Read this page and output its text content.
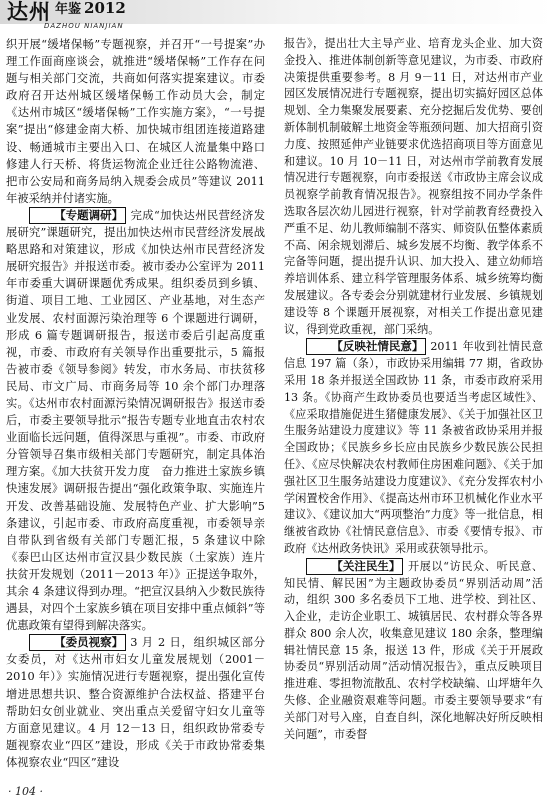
达州 年鉴 2012
DAZHOU NIANJIAN

织开展“缓堵保畅”专题视察，并召开“一号提案”办理工作面商座谈会，就推进“缓堵保畅”工作存在问题与相关部门交流，共商如何落实提案建议。市委政府召开达州城区缓堵保畅工作动员大会，制定《达州市城区“缓堵保畅”工作实施方案》，“一号提案”提出“修建金南大桥、加快城市组团连接道路建设、畅通城市主要出入口、在城区人流量集中路口修建人行天桥、将货运物流企业迁往公路物流港、把市公安局和商务局纳入规委会成员”等建议 2011 年被采纳并付诸实施。

【专题调研】 完成“加快达州民营经济发展研究”课题研究，提出加快达州市民营经济发展战略思路和对策建议，形成《加快达州市民营经济发展研究报告》并报送市委。被市委办公室评为 2011 年市委重大调研课题优秀成果。组织委员到乡镇、街道、项目工地、工业园区、产业基地，对生态产业发展、农村面源污染治理等 6 个课题进行调研，形成 6 篇专题调研报告，报送市委后引起高度重视，市委、市政府有关领导作出重要批示，5 篇报告被市委《领导参阅》转发，市水务局、市扶贫移民局、市文广局、市商务局等 10 余个部门办理落实。《达州市农村面源污染情况调研报告》报送市委后，市委主要领导批示“报告专题专业地直击农村农业面临长远问题，值得深思与重视”。市委、市政府分管领导召集市级相关部门专题研究，制定具体治理方案。《加大扶贫开发力度　奋力推进土家族乡镇快速发展》调研报告提出“强化政策争取、实施连片开发、改善基础设施、发展特色产业、扩大影响”5 条建议，引起市委、市政府高度重视，市委领导亲自带队到省级有关部门专题汇报，5 条建议中除《泰巴山区达州市宣汉县少数民族（土家族）连片扶贫开发规划（2011－2013 年）》正提送争取外，其余 4 条建议得到办理。“把宣汉县纳入少数民族待遇县，对四个土家族乡镇在项目安排中重点倾斜”等优惠政策有望得到解决落实。

【委员视察】 3 月 2 日，组织城区部分女委员，对《达州市妇女儿童发展规划（2001－2010 年）》实施情况进行专题视察，提出强化宣传增进思想共识、整合资源维护合法权益、搭建平台帮助妇女创业就业、突出重点关爱留守妇女儿童等方面意见建议。4 月 12－13 日，组织政协常委专题视察农业“四区”建设，形成《关于市政协常委集体视察农业“四区”建设

报告》，提出壮大主导产业、培育龙头企业、加大资金投入、推进体制创新等意见建议，为市委、市政府决策提供重要参考。8 月 9－11 日，对达州市产业园区发展情况进行专题视察，提出切实搞好园区总体规划、全力集聚发展要素、充分挖掘后发优势、要创新体制机制破解土地资金等瓶颈问题、加大招商引资力度、按照延伸产业链要求优选招商项目等方面意见和建议。10 月 10－11 日，对达州市学前教育发展情况进行专题视察，向市委报送《市政协主席会议成员视察学前教育情况报告》。视察组按不同办学条件选取各层次幼儿园进行视察，针对学前教育经费投入严重不足、幼儿教师编制不落实、师资队伍整体素质不高、闲余规划滞后、城乡发展不均衡、教学体系不完备等问题，提出提升认识、加大投入、建立幼师培养培训体系、建立科学管理服务体系、城乡统筹均衡发展建议。各专委会分别就建材行业发展、乡镇规划建设等 8 个课题开展视察，对相关工作提出意见建议，得到党政重视，部门采纳。

【反映社情民意】 2011 年收到社情民意信息 197 篇（条），市政协采用编辑 77 期，省政协采用 18 条并报送全国政协 11 条，市委市政府采用 13 条。《协商产生政协委员也要适当考虑区域性》、《应采取措施促进生猪健康发展》、《关于加强社区卫生服务站建设力度建议》等 11 条被省政协采用并报全国政协；《民族乡乡长应由民族乡少数民族公民担任》、《应尽快解决农村教师住房困难问题》、《关于加强社区卫生服务站建设力度建议》、《充分发挥农村小学闲置校舍作用》、《提高达州市环卫机械化作业水平建议》、《建议加大“两项整治”力度》等一批信息，相继被省政协《社情民意信息》、市委《要情专报》、市政府《达州政务快讯》采用或获领导批示。

【关注民生】 开展以“访民众、听民意、知民情、解民困”为主题政协委员“界别活动周”活动，组织 300 多名委员下工地、进学校、到社区、入企业，走访企业职工、城镇居民、农村群众等各界群众 800 余人次，收集意见建议 180 余条，整理编辑社情民意 15 条，报送 13 件，形成《关于开展政协委员“界别活动周”活动情况报告》，重点反映项目推进难、零担物流散乱、农村学校缺编、山坪塘年久失修、企业融资艰难等问题。市委主要领导要求“有关部门对号入座，自查自纠，深化地解决好所反映相关问题”，市委督

· 104 ·
